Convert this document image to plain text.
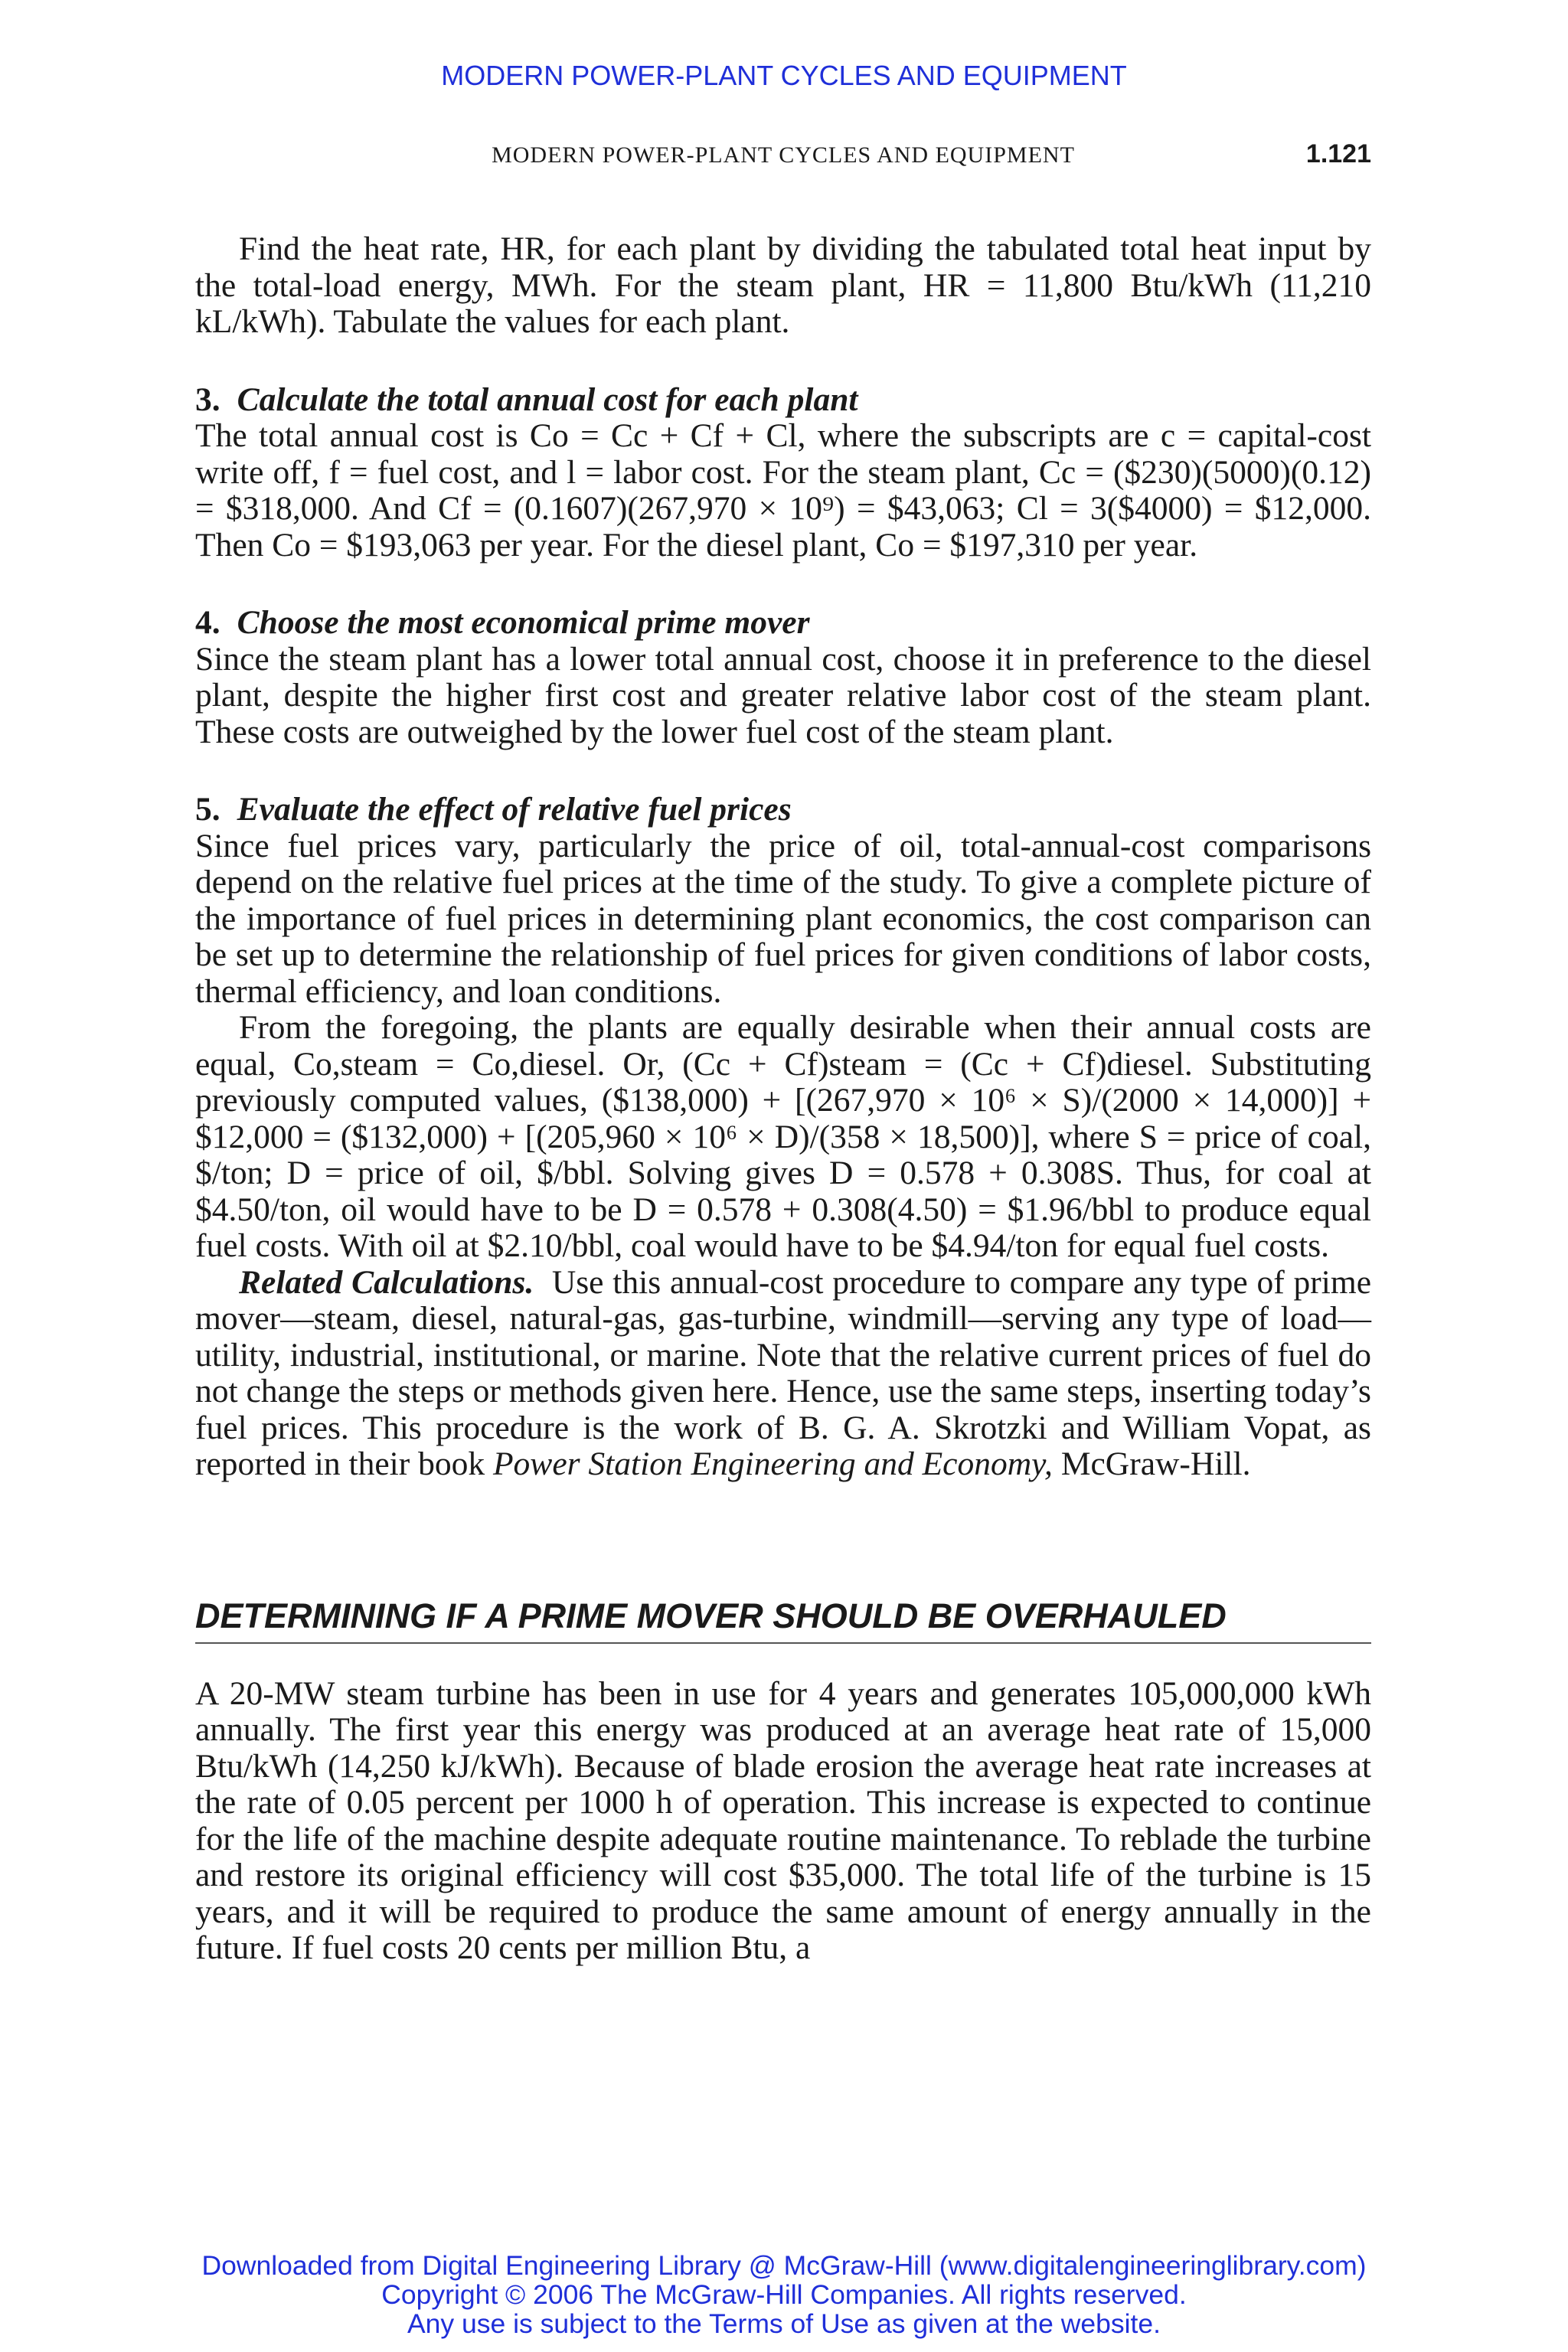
MODERN POWER-PLANT CYCLES AND EQUIPMENT
MODERN POWER-PLANT CYCLES AND EQUIPMENT	1.121

Find the heat rate, HR, for each plant by dividing the tabulated total heat input by the total-load energy, MWh. For the steam plant, HR = 11,800 Btu/kWh (11,210 kL/kWh). Tabulate the values for each plant.

3. Calculate the total annual cost for each plant

The total annual cost is Co = Cc + Cf + Cl, where the subscripts are c = capital-cost write off, f = fuel cost, and l = labor cost. For the steam plant, Cc = ($230)(5000)(0.12) = $318,000. And Cf = (0.1607)(267,970 × 10⁹) = $43,063; Cl = 3($4000) = $12,000. Then Co = $193,063 per year. For the diesel plant, Co = $197,310 per year.

4. Choose the most economical prime mover

Since the steam plant has a lower total annual cost, choose it in preference to the diesel plant, despite the higher first cost and greater relative labor cost of the steam plant. These costs are outweighed by the lower fuel cost of the steam plant.

5. Evaluate the effect of relative fuel prices

Since fuel prices vary, particularly the price of oil, total-annual-cost comparisons depend on the relative fuel prices at the time of the study. To give a complete picture of the importance of fuel prices in determining plant economics, the cost comparison can be set up to determine the relationship of fuel prices for given conditions of labor costs, thermal efficiency, and loan conditions.

From the foregoing, the plants are equally desirable when their annual costs are equal, Co,steam = Co,diesel. Or, (Cc + Cf)steam = (Cc + Cf)diesel. Substituting previously computed values, ($138,000) + [(267,970 × 10⁶ × S)/(2000 × 14,000)] + $12,000 = ($132,000) + [(205,960 × 10⁶ × D)/(358 × 18,500)], where S = price of coal, $/ton; D = price of oil, $/bbl. Solving gives D = 0.578 + 0.308S. Thus, for coal at $4.50/ton, oil would have to be D = 0.578 + 0.308(4.50) = $1.96/bbl to produce equal fuel costs. With oil at $2.10/bbl, coal would have to be $4.94/ton for equal fuel costs.

Related Calculations. Use this annual-cost procedure to compare any type of prime mover—steam, diesel, natural-gas, gas-turbine, windmill—serving any type of load—utility, industrial, institutional, or marine. Note that the relative current prices of fuel do not change the steps or methods given here. Hence, use the same steps, inserting today’s fuel prices. This procedure is the work of B. G. A. Skrotzki and William Vopat, as reported in their book Power Station Engineering and Economy, McGraw-Hill.

DETERMINING IF A PRIME MOVER SHOULD BE OVERHAULED

A 20-MW steam turbine has been in use for 4 years and generates 105,000,000 kWh annually. The first year this energy was produced at an average heat rate of 15,000 Btu/kWh (14,250 kJ/kWh). Because of blade erosion the average heat rate increases at the rate of 0.05 percent per 1000 h of operation. This increase is expected to continue for the life of the machine despite adequate routine maintenance. To reblade the turbine and restore its original efficiency will cost $35,000. The total life of the turbine is 15 years, and it will be required to produce the same amount of energy annually in the future. If fuel costs 20 cents per million Btu, a

Downloaded from Digital Engineering Library @ McGraw-Hill (www.digitalengineeringlibrary.com)
Copyright © 2006 The McGraw-Hill Companies. All rights reserved.
Any use is subject to the Terms of Use as given at the website.
